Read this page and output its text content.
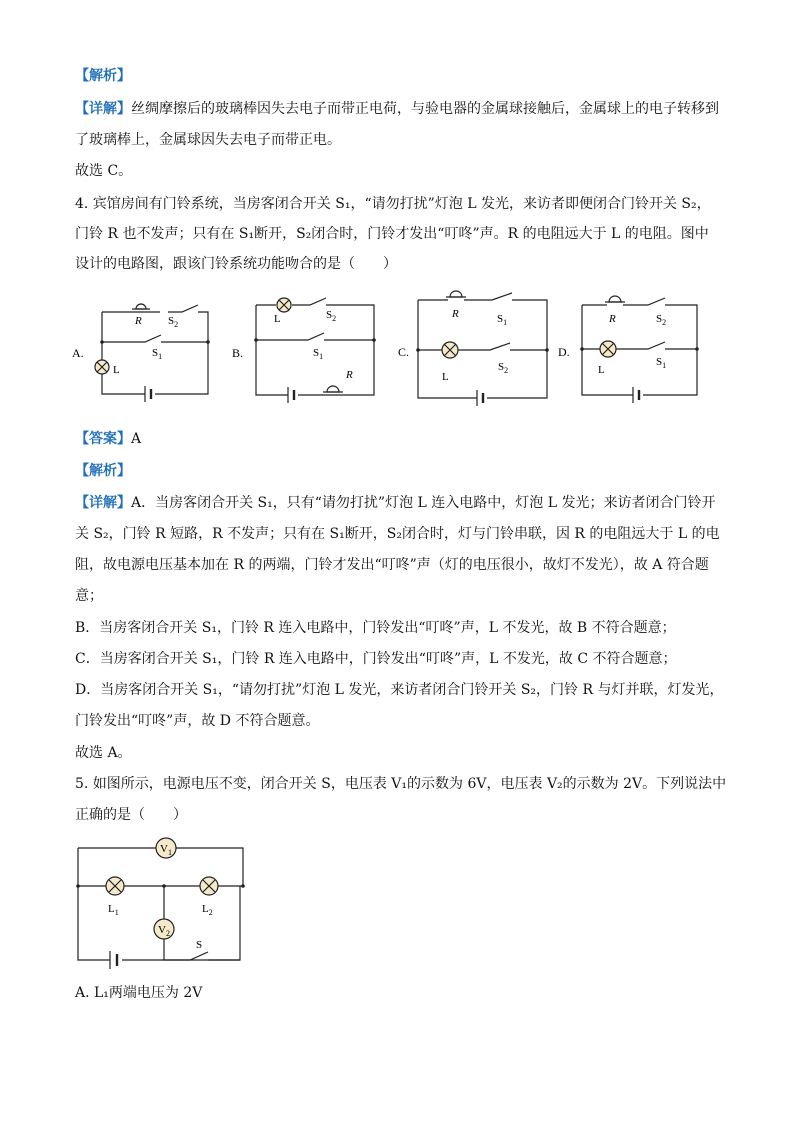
【解析】
【详解】丝绸摩擦后的玻璃棒因失去电子而带正电荷，与验电器的金属球接触后，金属球上的电子转移到
了玻璃棒上，金属球因失去电子而带正电。
故选 C。
4. 宾馆房间有门铃系统，当房客闭合开关 S₁，“请勿打扰”灯泡 L 发光，来访者即便闭合门铃开关 S₂，
门铃 R 也不发声；只有在 S₁断开，S₂闭合时，门铃才发出“叮咚”声。R 的电阻远大于 L 的电阻。图中
设计的电路图，跟该门铃系统功能吻合的是（　　）
A.
R $S_2$
$S_1$
L
B.
L	$S_2$
$S_1$
R
C.
R	$S_1$
L
$S_2$
D.
R	$S_2$
L
$S_1$
【答案】A
【解析】
【详解】A．当房客闭合开关 S₁，只有“请勿打扰”灯泡 L 连入电路中，灯泡 L 发光；来访者闭合门铃开
关 S₂，门铃 R 短路，R 不发声；只有在 S₁断开，S₂闭合时，灯与门铃串联，因 R 的电阻远大于 L 的电
阻，故电源电压基本加在 R 的两端，门铃才发出“叮咚”声（灯的电压很小，故灯不发光），故 A 符合题
意；
B．当房客闭合开关 S₁，门铃 R 连入电路中，门铃发出“叮咚”声，L 不发光，故 B 不符合题意；
C．当房客闭合开关 S₁，门铃 R 连入电路中，门铃发出“叮咚”声，L 不发光，故 C 不符合题意；
D．当房客闭合开关 S₁，“请勿打扰”灯泡 L 发光，来访者闭合门铃开关 S₂，门铃 R 与灯并联，灯发光，
门铃发出“叮咚”声，故 D 不符合题意。
故选 A。
5. 如图所示，电源电压不变，闭合开关 S，电压表 V₁的示数为 6V，电压表 V₂的示数为 2V。下列说法中
正确的是（　　）
$V_1$
$V_2$
$L_1$	$L_2$
S
A. L₁两端电压为 2V
